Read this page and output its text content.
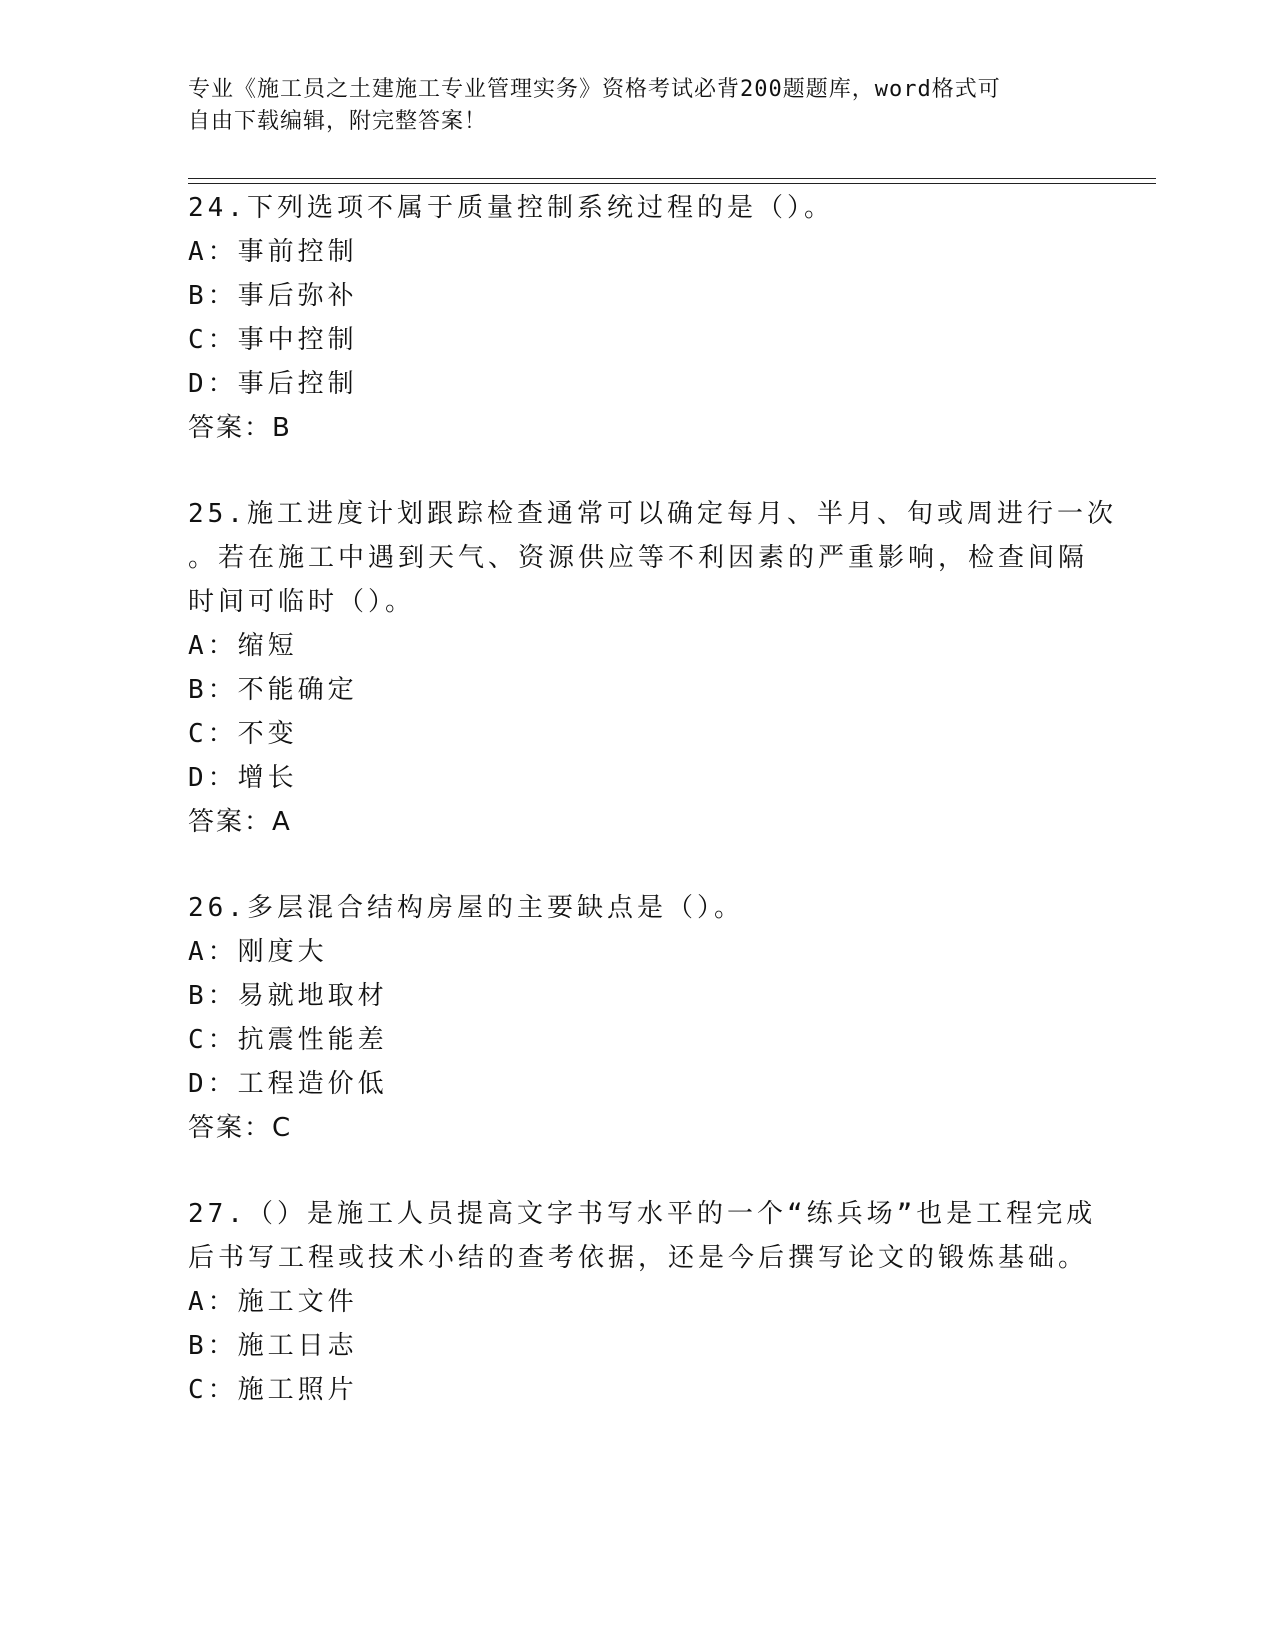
专业《施工员之土建施工专业管理实务》资格考试必背200题题库，word格式可
自由下载编辑，附完整答案！
24.下列选项不属于质量控制系统过程的是（）。
A：事前控制
B：事后弥补
C：事中控制
D：事后控制
答案：B
25.施工进度计划跟踪检查通常可以确定每月、半月、旬或周进行一次
。若在施工中遇到天气、资源供应等不利因素的严重影响，检查间隔
时间可临时（）。
A：缩短
B：不能确定
C：不变
D：增长
答案：A
26.多层混合结构房屋的主要缺点是（）。
A：刚度大
B：易就地取材
C：抗震性能差
D：工程造价低
答案：C
27.（）是施工人员提高文字书写水平的一个“练兵场”也是工程完成
后书写工程或技术小结的查考依据，还是今后撰写论文的锻炼基础。
A：施工文件
B：施工日志
C：施工照片
